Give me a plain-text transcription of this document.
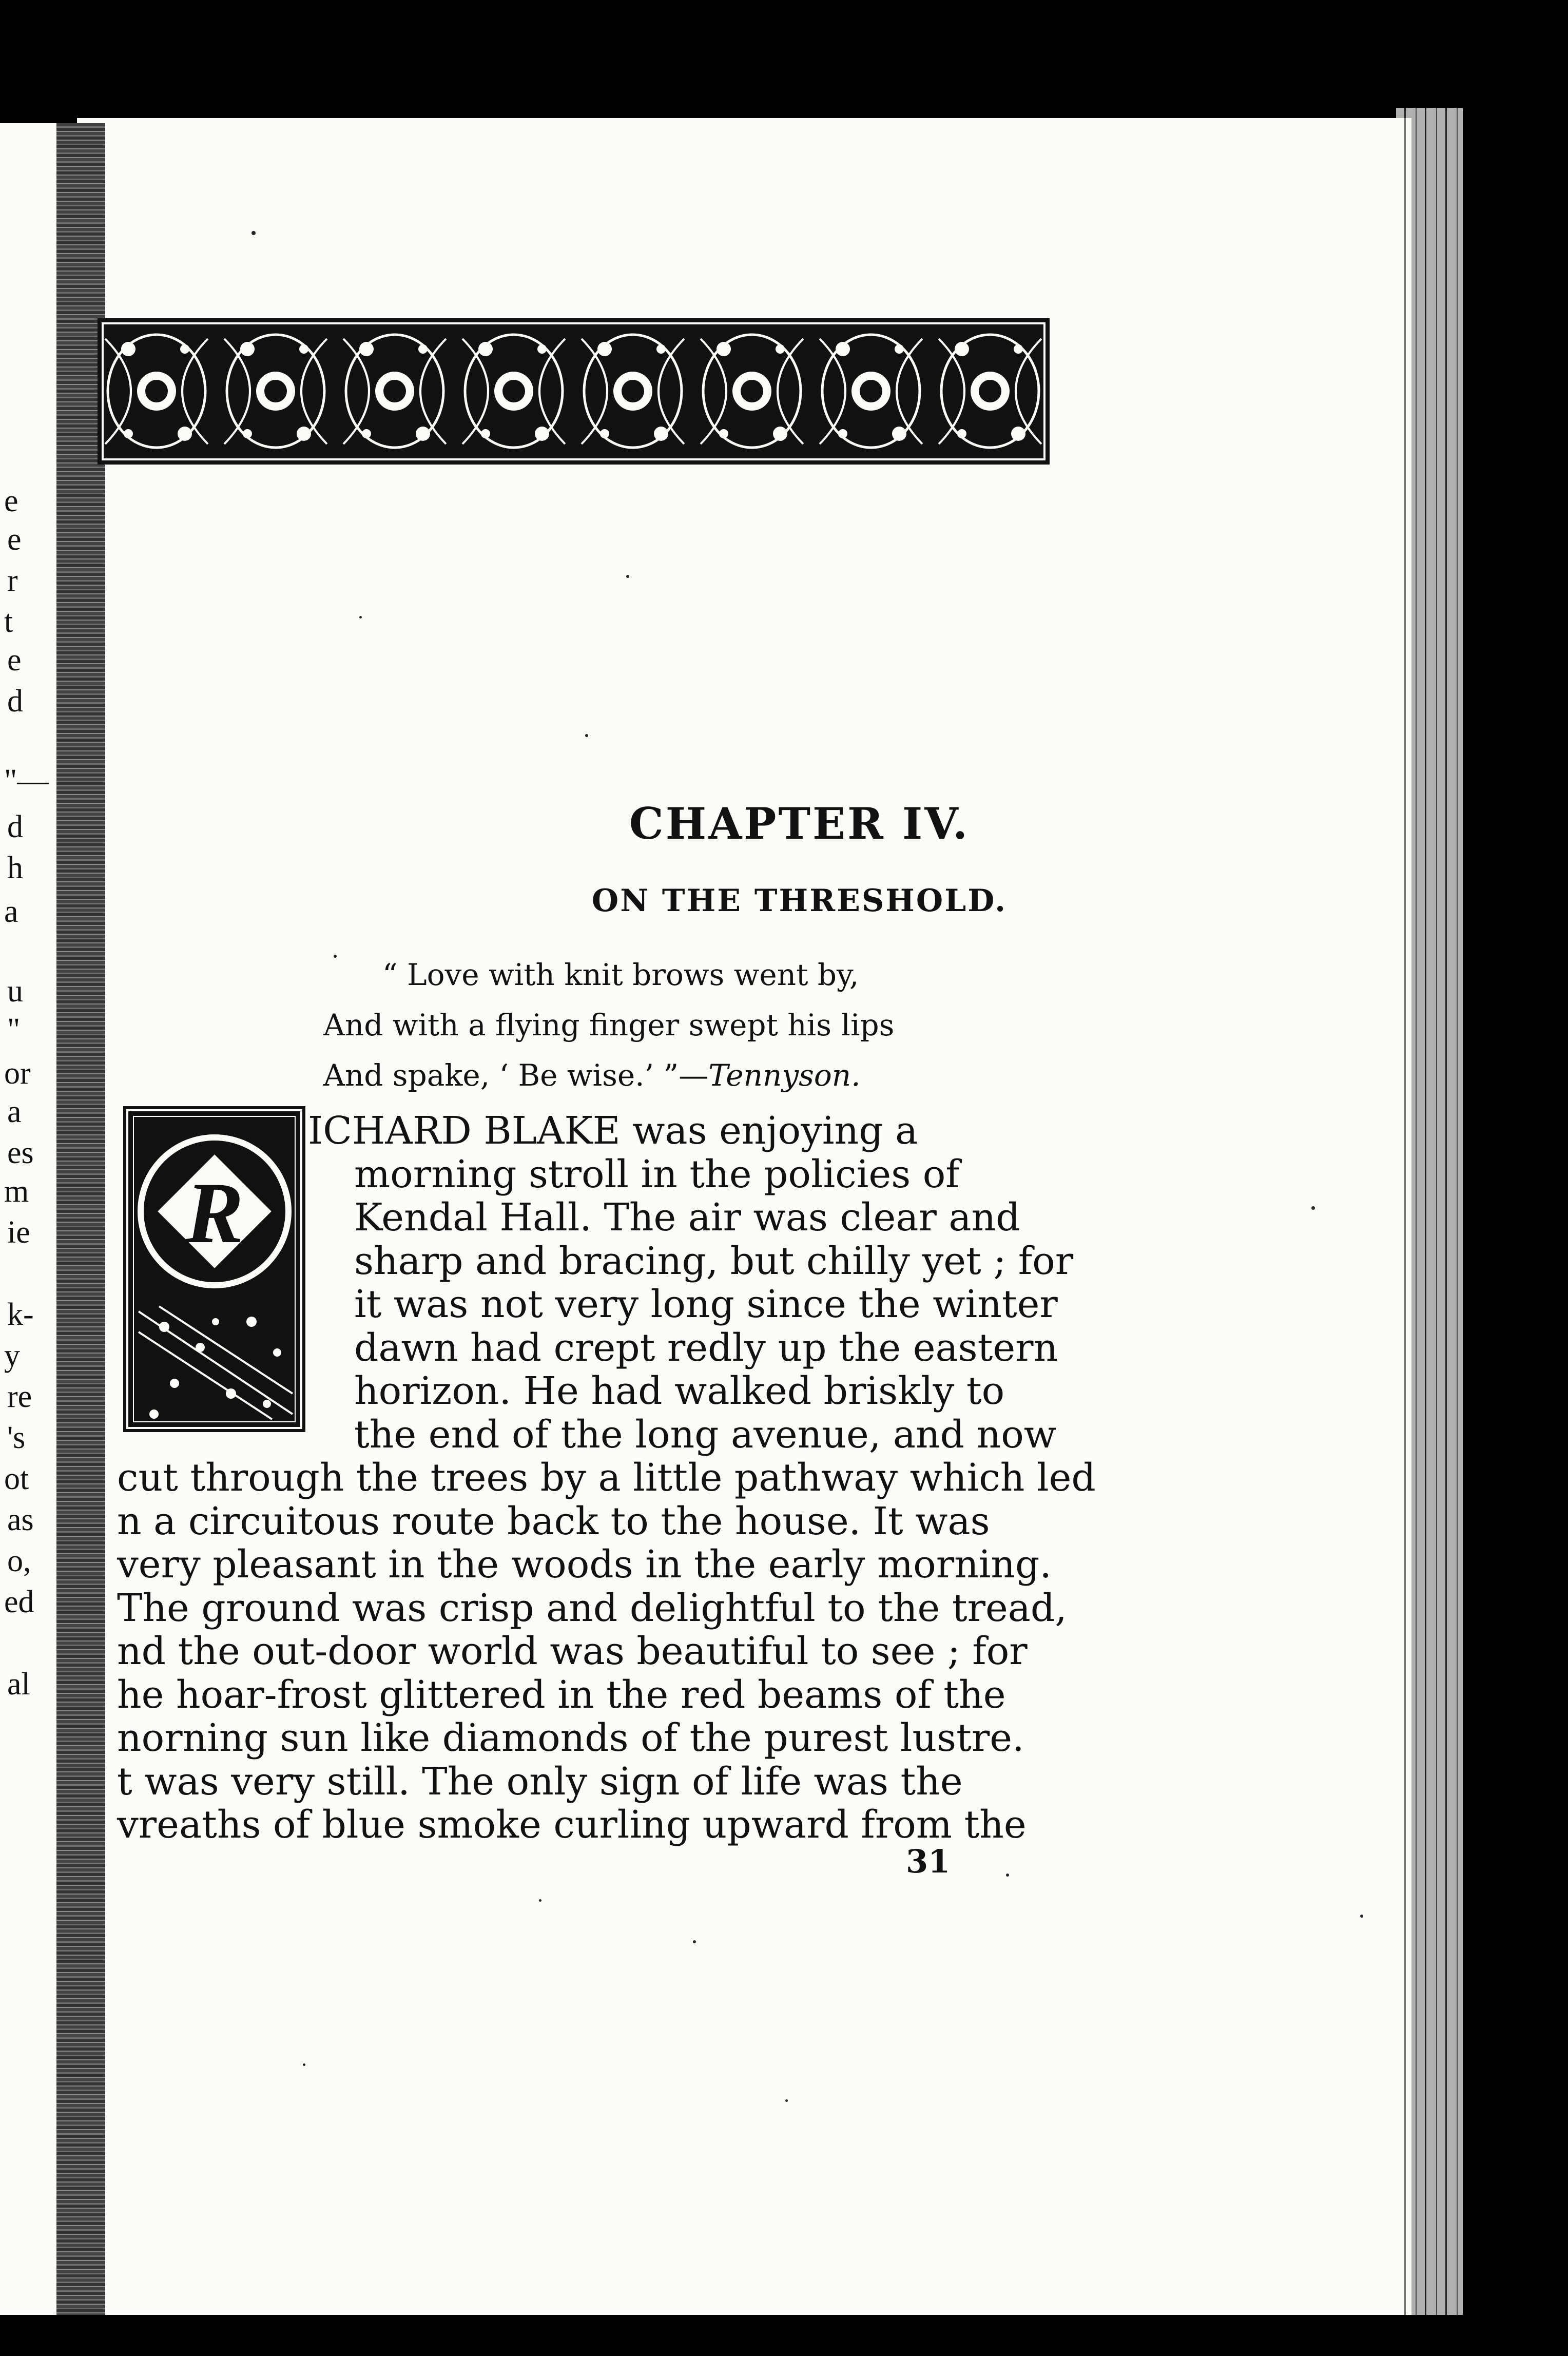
e
e
r
t
e
d
"—
d
h
a
u
"
or
a
es
m
ie
k-
y
re
's
ot
as
o,
ed
al
CHAPTER IV.
ON THE THRESHOLD.
“ Love with knit brows went by,
And with a flying finger swept his lips
And spake, ‘ Be wise.’ ”—Tennyson.
R
ICHARD BLAKE was enjoying a
morning stroll in the policies of
Kendal Hall. The air was clear and
sharp and bracing, but chilly yet ; for
it was not very long since the winter
dawn had crept redly up the eastern
horizon. He had walked briskly to
the end of the long avenue, and now
cut through the trees by a little pathway which led
n a circuitous route back to the house. It was
very pleasant in the woods in the early morning.
The ground was crisp and delightful to the tread,
nd the out-door world was beautiful to see ; for
he hoar-frost glittered in the red beams of the
norning sun like diamonds of the purest lustre.
t was very still. The only sign of life was the
vreaths of blue smoke curling upward from the
31
